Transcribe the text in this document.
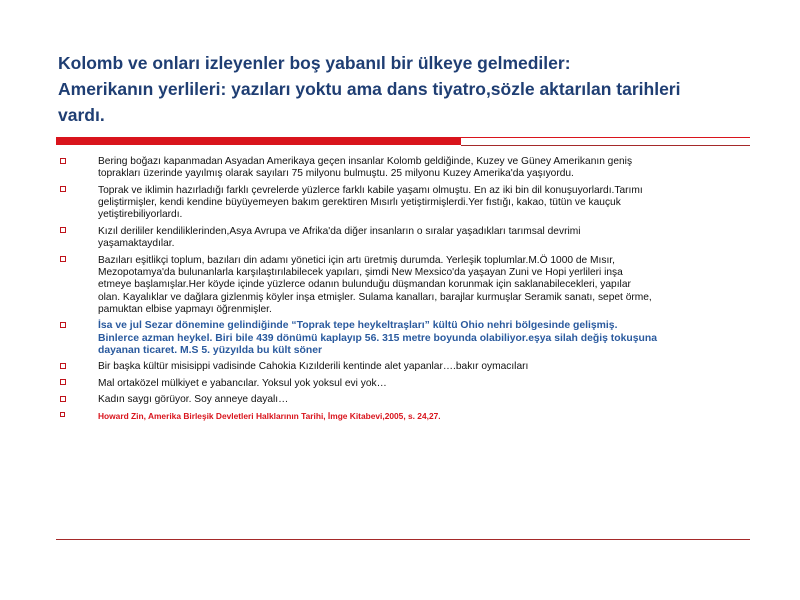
Kolomb ve onları izleyenler boş yabanıl bir ülkeye gelmediler:
Amerikanın yerlileri: yazıları yoktu ama dans tiyatro,sözle aktarılan tarihleri
vardı.
Bering boğazı kapanmadan Asyadan Amerikaya geçen insanlar Kolomb geldiğinde, Kuzey ve Güney Amerikanın geniş
toprakları üzerinde yayılmış olarak sayıları 75 milyonu bulmuştu. 25 milyonu Kuzey Amerika'da yaşıyordu.
Toprak ve iklimin hazırladığı farklı çevrelerde yüzlerce farklı kabile yaşamı olmuştu. En az iki bin dil konuşuyorlardı.Tarımı
geliştirmişler, kendi kendine büyüyemeyen bakım gerektiren Mısırlı yetiştirmişlerdi.Yer fıstığı, kakao, tütün ve kauçuk
yetiştirebiliyorlardı.
Kızıl derililer kendiliklerinden,Asya Avrupa ve Afrika'da diğer insanların o sıralar yaşadıkları tarımsal devrimi
yaşamaktaydılar.
Bazıları eşitlikçi toplum, bazıları din adamı yönetici için artı üretmiş durumda. Yerleşik toplumlar.M.Ö 1000 de Mısır,
Mezopotamya'da bulunanlarla karşılaştırılabilecek yapıları, şimdi New Mexsico'da yaşayan Zuni ve Hopi yerlileri inşa
etmeye başlamışlar.Her köyde içinde yüzlerce odanın bulunduğu düşmandan korunmak için saklanabilecekleri, yapılar
olan. Kayalıklar ve dağlara gizlenmiş köyler inşa etmişler. Sulama kanalları, barajlar kurmuşlar Seramik sanatı, sepet örme,
pamuktan elbise yapmayı öğrenmişler.
İsa ve jul Sezar dönemine gelindiğinde “Toprak tepe heykeltraşları” kültü Ohio nehri bölgesinde gelişmiş.
Binlerce azman heykel. Biri bile 439 dönümü kaplayıp 56. 315 metre boyunda olabiliyor.eşya silah değiş tokuşuna
dayanan ticaret. M.S 5. yüzyılda bu kült söner
Bir başka kültür misisippi vadisinde Cahokia Kızılderili kentinde alet yapanlar….bakır oymacıları
Mal ortaközel mülkiyet e yabancılar. Yoksul yok yoksul evi yok…
Kadın saygı görüyor. Soy anneye dayalı…
Howard Zin, Amerika Birleşik Devletleri Halklarının Tarihi, İmge Kitabevi,2005, s. 24,27.
